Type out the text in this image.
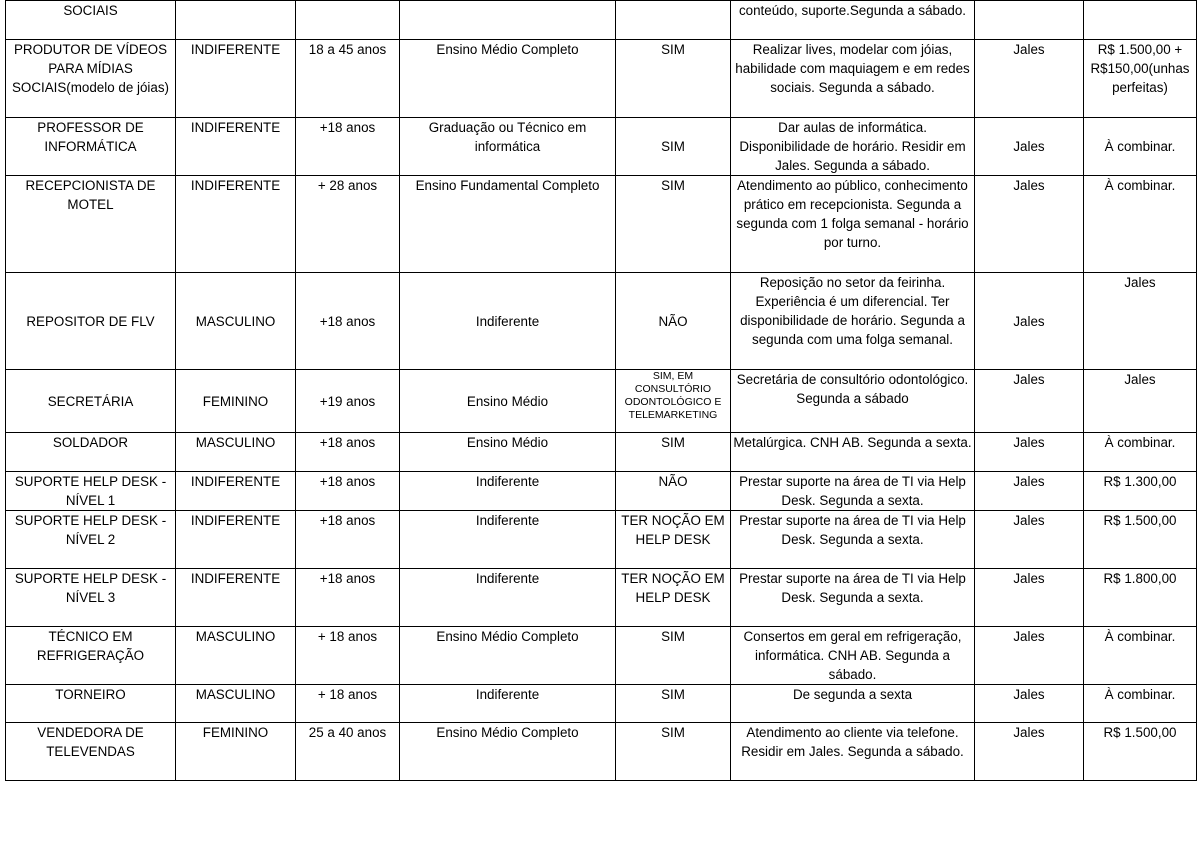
SOCIAIS					conteúdo, suporte.Segunda a sábado.		
PRODUTOR DE VÍDEOS PARA MÍDIAS SOCIAIS(modelo de jóias)	INDIFERENTE	18 a 45 anos	Ensino Médio Completo	SIM	Realizar lives, modelar com jóias, habilidade com maquiagem e em redes sociais. Segunda a sábado.	Jales	R$ 1.500,00 + R$150,00(unhas perfeitas)
PROFESSOR DE INFORMÁTICA	INDIFERENTE	+18 anos	Graduação ou Técnico em informática	SIM	Dar aulas de informática. Disponibilidade de horário. Residir em Jales. Segunda a sábado.	Jales	À combinar.
RECEPCIONISTA DE MOTEL	INDIFERENTE	+ 28 anos	Ensino Fundamental Completo	SIM	Atendimento ao público, conhecimento prático em recepcionista. Segunda a segunda com 1 folga semanal - horário por turno.	Jales	À combinar.
REPOSITOR DE FLV	MASCULINO	+18 anos	Indiferente	NÃO	Reposição no setor da feirinha. Experiência é um diferencial. Ter disponibilidade de horário. Segunda a segunda com uma folga semanal.	Jales	Jales
SECRETÁRIA	FEMININO	+19 anos	Ensino Médio	SIM, EM CONSULTÓRIO ODONTOLÓGICO E TELEMARKETING	Secretária de consultório odontológico. Segunda a sábado	Jales	Jales
SOLDADOR	MASCULINO	+18 anos	Ensino Médio	SIM	Metalúrgica. CNH AB. Segunda a sexta.	Jales	À combinar.
SUPORTE HELP DESK - NÍVEL 1	INDIFERENTE	+18 anos	Indiferente	NÃO	Prestar suporte na área de TI via Help Desk. Segunda a sexta.	Jales	R$ 1.300,00
SUPORTE HELP DESK - NÍVEL 2	INDIFERENTE	+18 anos	Indiferente	TER NOÇÃO EM HELP DESK	Prestar suporte na área de TI via Help Desk. Segunda a sexta.	Jales	R$ 1.500,00
SUPORTE HELP DESK - NÍVEL 3	INDIFERENTE	+18 anos	Indiferente	TER NOÇÃO EM HELP DESK	Prestar suporte na área de TI via Help Desk. Segunda a sexta.	Jales	R$ 1.800,00
TÉCNICO EM REFRIGERAÇÃO	MASCULINO	+ 18 anos	Ensino Médio Completo	SIM	Consertos em geral em refrigeração, informática. CNH AB. Segunda a sábado.	Jales	À combinar.
TORNEIRO	MASCULINO	+ 18 anos	Indiferente	SIM	De segunda a sexta	Jales	À combinar.
VENDEDORA DE TELEVENDAS	FEMININO	25 a 40 anos	Ensino Médio Completo	SIM	Atendimento ao cliente via telefone. Residir em Jales. Segunda a sábado.	Jales	R$ 1.500,00
